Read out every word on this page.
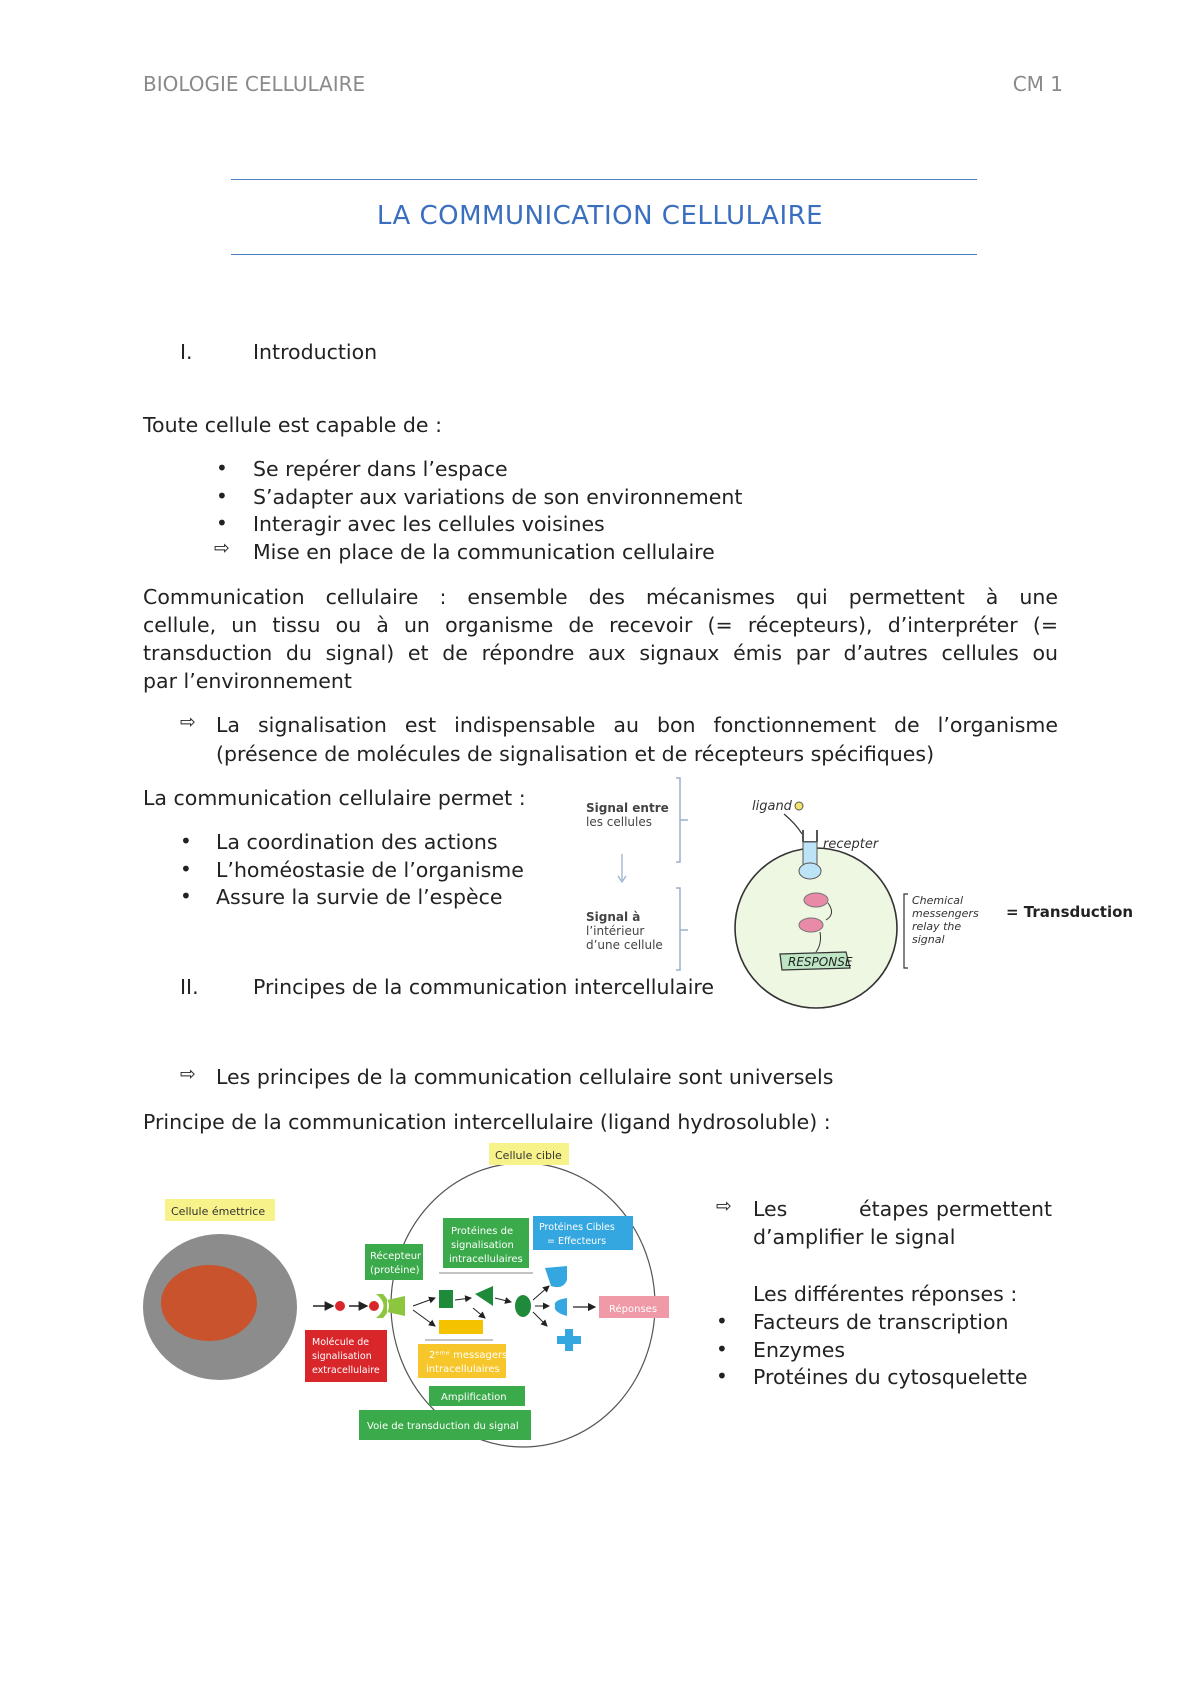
BIOLOGIE CELLULAIRE	CM 1
LA COMMUNICATION CELLULAIRE
I.	Introduction
Toute cellule est capable de :
• Se repérer dans l’espace
• S’adapter aux variations de son environnement
• Interagir avec les cellules voisines
⇨ Mise en place de la communication cellulaire
Communication cellulaire : ensemble des mécanismes qui permettent à une
cellule, un tissu ou à un organisme de recevoir (= récepteurs), d’interpréter (=
transduction du signal) et de répondre aux signaux émis par d’autres cellules ou
par l’environnement
⇨ La signalisation est indispensable au bon fonctionnement de l’organisme
(présence de molécules de signalisation et de récepteurs spécifiques)
La communication cellulaire permet :
• La coordination des actions
• L’homéostasie de l’organisme
• Assure la survie de l’espèce
Signal entre
les cellules
Signal à
l’intérieur
d’une cellule
ligand
recepter
RESPONSE
Chemical
messengers
relay the
signal
= Transduction
II.	Principes de la communication intercellulaire
⇨ Les principes de la communication cellulaire sont universels
Principe de la communication intercellulaire (ligand hydrosoluble) :
Cellule cible
Cellule émettrice
Récepteur
(protéine)
Molécule de
signalisation
extracellulaire
Protéines de
signalisation
intracellulaires
Protéines Cibles
= Effecteurs
Réponses
2ᵉᵐᵉ messagers
intracellulaires
Amplification
Voie de transduction du signal
⇨ Les	étapes permettent
d’amplifier le signal
Les différentes réponses :
• Facteurs de transcription
• Enzymes
• Protéines du cytosquelette
